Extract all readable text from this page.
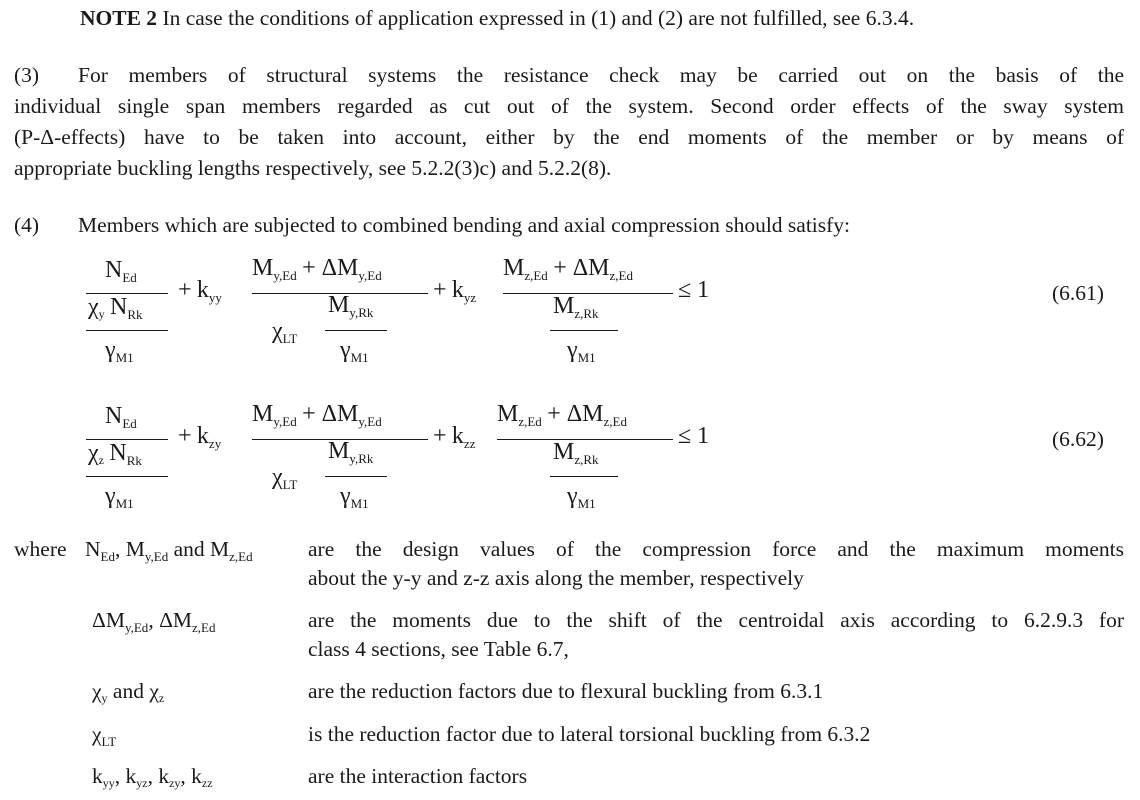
NOTE 2 In case the conditions of application expressed in (1) and (2) are not fulfilled, see 6.3.4.
(3) For members of structural systems the resistance check may be carried out on the basis of the
individual single span members regarded as cut out of the system. Second order effects of the sway system
(P-Δ-effects) have to be taken into account, either by the end moments of the member or by means of
appropriate buckling lengths respectively, see 5.2.2(3)c) and 5.2.2(8).
(4) Members which are subjected to combined bending and axial compression should satisfy:
$N_{Ed}$
χy $N_{Rk}$
$\gamma_{M1}$
+ $k_{yy}$
$M_{y,Ed} + \Delta M_{y,Ed}$
$\chi_{LT}$
$M_{y,Rk}$
$\gamma_{M1}$
+ $k_{yz}$
$M_{z,Ed} + \Delta M_{z,Ed}$
$M_{z,Rk}$
$\gamma_{M1}$
≤ 1	(6.61)
$N_{Ed}$
χz $N_{Rk}$
$\gamma_{M1}$
+ $k_{zy}$
$M_{y,Ed} + \Delta M_{y,Ed}$
$\chi_{LT}$
$M_{y,Rk}$
$\gamma_{M1}$
+ $k_{zz}$
$M_{z,Ed} + \Delta M_{z,Ed}$
$M_{z,Rk}$
$\gamma_{M1}$
≤ 1	(6.62)
where $N_{Ed}$, $M_{y,Ed}$ and $M_{z,Ed}$	are the design values of the compression force and the maximum moments
about the y-y and z-z axis along the member, respectively
$\Delta M_{y,Ed}$, $\Delta M_{z,Ed}$	are the moments due to the shift of the centroidal axis according to 6.2.9.3 for
class 4 sections, see Table 6.7,
χy and χz	are the reduction factors due to flexural buckling from 6.3.1
$\chi_{LT}$	is the reduction factor due to lateral torsional buckling from 6.3.2
kyy, kyz, kzy, kzz	are the interaction factors
